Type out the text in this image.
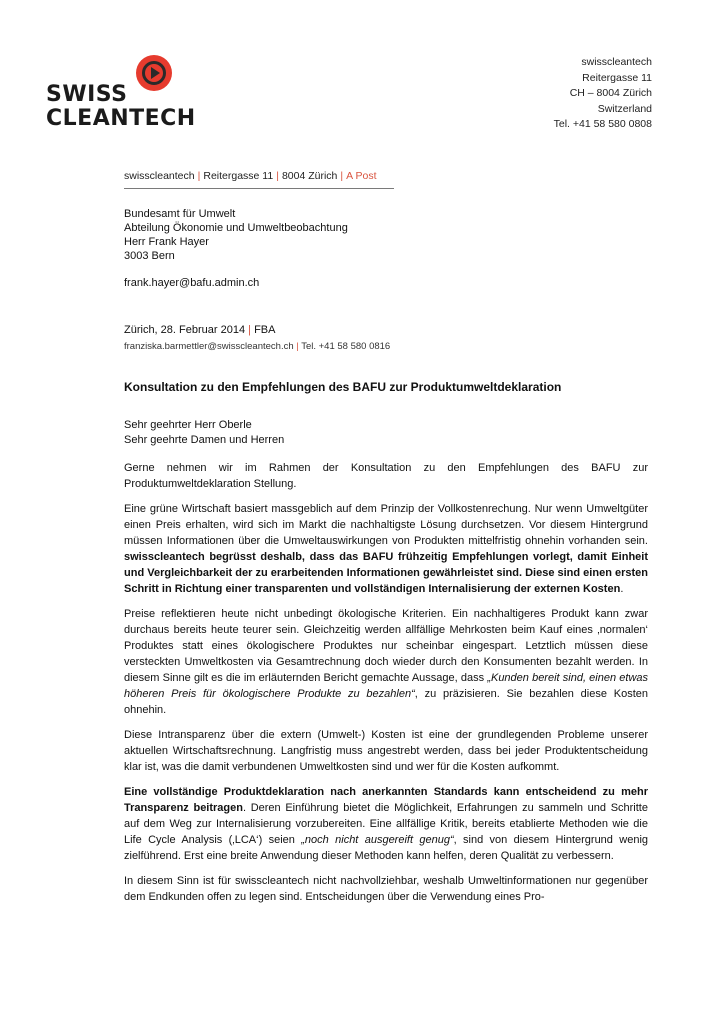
SWISS
CLEANTECH
swisscleantech
Reitergasse 11
CH – 8004 Zürich
Switzerland
Tel. +41 58 580 0808
swisscleantech | Reitergasse 11 | 8004 Zürich | A Post
Bundesamt für Umwelt
Abteilung Ökonomie und Umweltbeobachtung
Herr Frank Hayer
3003 Bern
frank.hayer@bafu.admin.ch
Zürich, 28. Februar 2014 | FBA
franziska.barmettler@swisscleantech.ch | Tel. +41 58 580 0816
Konsultation zu den Empfehlungen des BAFU zur Produktumweltdeklaration
Sehr geehrter Herr Oberle
Sehr geehrte Damen und Herren

Gerne nehmen wir im Rahmen der Konsultation zu den Empfehlungen des BAFU zur Produktumweltdeklaration Stellung.

Eine grüne Wirtschaft basiert massgeblich auf dem Prinzip der Vollkostenrechung. Nur wenn Umweltgüter einen Preis erhalten, wird sich im Markt die nachhaltigste Lösung durchsetzen. Vor diesem Hintergrund müssen Informationen über die Umweltauswirkungen von Produkten mittelfristig ohnehin vorhanden sein. swisscleantech begrüsst deshalb, dass das BAFU frühzeitig Empfehlungen vorlegt, damit Einheit und Vergleichbarkeit der zu erarbeitenden Informationen gewährleistet sind. Diese sind einen ersten Schritt in Richtung einer transparenten und vollständigen Internalisierung der externen Kosten.

Preise reflektieren heute nicht unbedingt ökologische Kriterien. Ein nachhaltigeres Produkt kann zwar durchaus bereits heute teurer sein. Gleichzeitig werden allfällige Mehrkosten beim Kauf eines ‚normalen‘ Produktes statt eines ökologischere Produktes nur scheinbar eingespart. Letztlich müssen diese versteckten Umweltkosten via Gesamtrechnung doch wieder durch den Konsumenten bezahlt werden. In diesem Sinne gilt es die im erläuternden Bericht gemachte Aussage, dass „Kunden bereit sind, einen etwas höheren Preis für ökologischere Produkte zu bezahlen“, zu präzisieren. Sie bezahlen diese Kosten ohnehin.

Diese Intransparenz über die extern (Umwelt-) Kosten ist eine der grundlegenden Probleme unserer aktuellen Wirtschaftsrechnung. Langfristig muss angestrebt werden, dass bei jeder Produktentscheidung klar ist, was die damit verbundenen Umweltkosten sind und wer für die Kosten aufkommt.

Eine vollständige Produktdeklaration nach anerkannten Standards kann entscheidend zu mehr Transparenz beitragen. Deren Einführung bietet die Möglichkeit, Erfahrungen zu sammeln und Schritte auf dem Weg zur Internalisierung vorzubereiten. Eine allfällige Kritik, bereits etablierte Methoden wie die Life Cycle Analysis (‚LCA‘) seien „noch nicht ausgereift genug“, sind von diesem Hintergrund wenig zielführend. Erst eine breite Anwendung dieser Methoden kann helfen, deren Qualität zu verbessern.

In diesem Sinn ist für swisscleantech nicht nachvollziehbar, weshalb Umweltinformationen nur gegenüber dem Endkunden offen zu legen sind. Entscheidungen über die Verwendung eines Pro-
